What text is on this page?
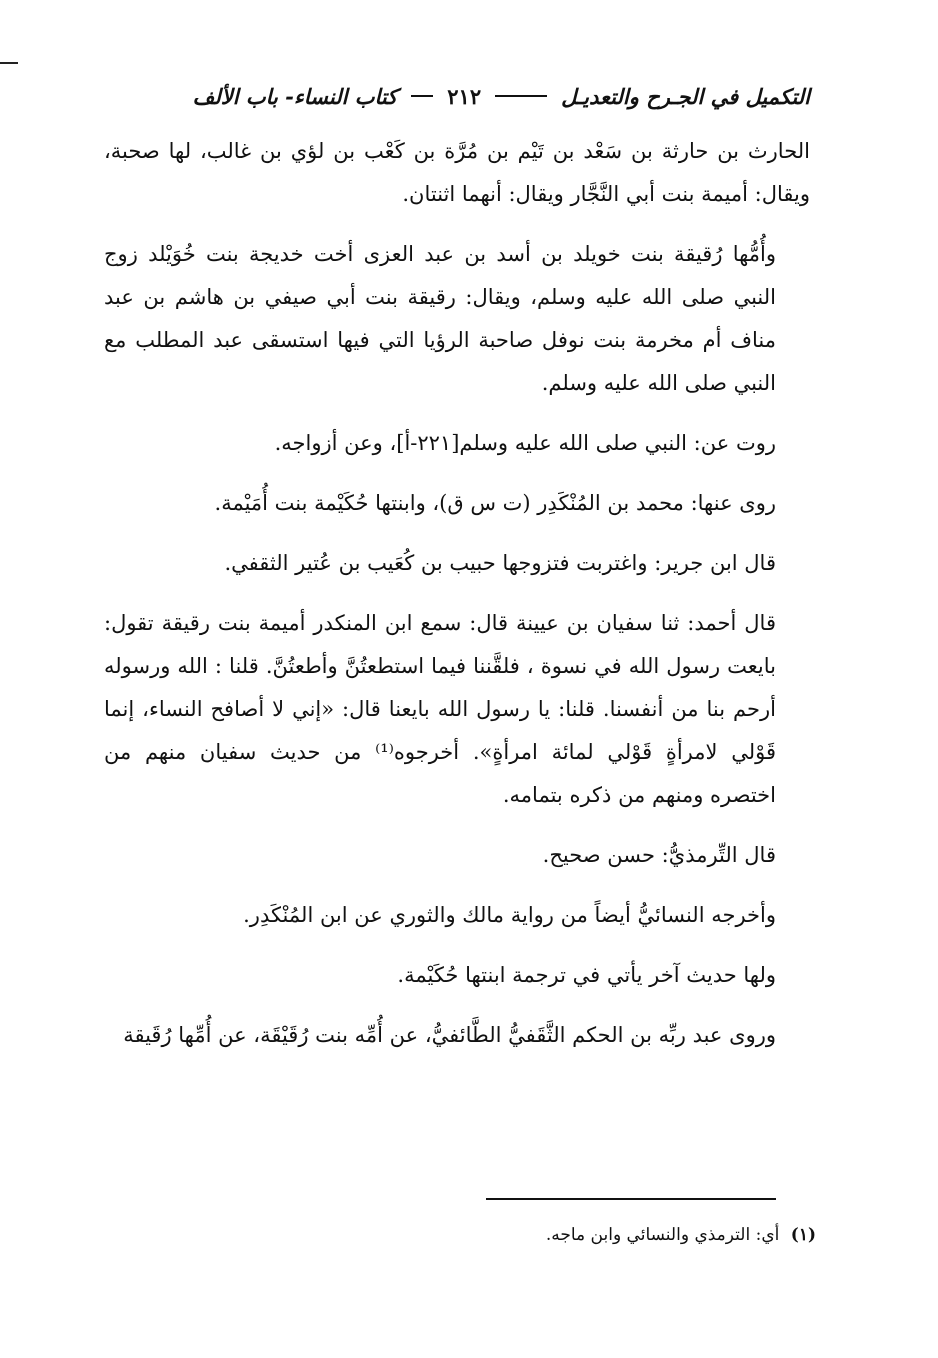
التكميل في الجـرح والتعديـل
٢١٢
كتاب النساء- باب الألف

الحارث بن حارثة بن سَعْد بن تَيْم بن مُرَّة بن كَعْب بن لؤي بن غالب، لها صحبة، ويقال: أميمة بنت أبي النَّجَّار ويقال: أنهما اثنتان.

وأُمُّها رُقيقة بنت خويلد بن أسد بن عبد العزى أخت خديجة بنت خُوَيْلد زوج النبي صلى الله عليه وسلم، ويقال: رقيقة بنت أبي صيفي بن هاشم بن عبد مناف أم مخرمة بنت نوفل صاحبة الرؤيا التي فيها استسقى عبد المطلب مع النبي صلى الله عليه وسلم.

روت عن: النبي صلى الله عليه وسلم[٢٢١-أ]، وعن أزواجه.

روى عنها: محمد بن المُنْكَدِر (ت س ق)، وابنتها حُكَيْمة بنت أُمَيْمة.

قال ابن جرير: واغتربت فتزوجها حبيب بن كُعَيب بن عُتير الثقفي.

قال أحمد: ثنا سفيان بن عيينة قال: سمع ابن المنكدر أميمة بنت رقيقة تقول: بايعت رسول الله في نسوة ، فلقَّننا فيما استطعتُنَّ وأطعتُنَّ. قلنا : الله ورسوله أرحم بنا من أنفسنا. قلنا: يا رسول الله بايعنا قال: «إني لا أصافح النساء، إنما قَوْلي لامرأةٍ قَوْلي لمائة امرأةٍ». أخرجوه⁽¹⁾ من حديث سفيان منهم من اختصره ومنهم من ذكره بتمامه.

قال التِّرمذيُّ: حسن صحيح.

وأخرجه النسائيُّ أيضاً من رواية مالك والثوري عن ابن المُنْكَدِر.

ولها حديث آخر يأتي في ترجمة ابنتها حُكَيْمة.

وروى عبد ربِّه بن الحكم الثَّقَفيُّ الطَّائفيُّ، عن أُمِّه بنت رُقَيْقَة، عن أُمِّها رُقَيقة

(١) أي: الترمذي والنسائي وابن ماجه.
